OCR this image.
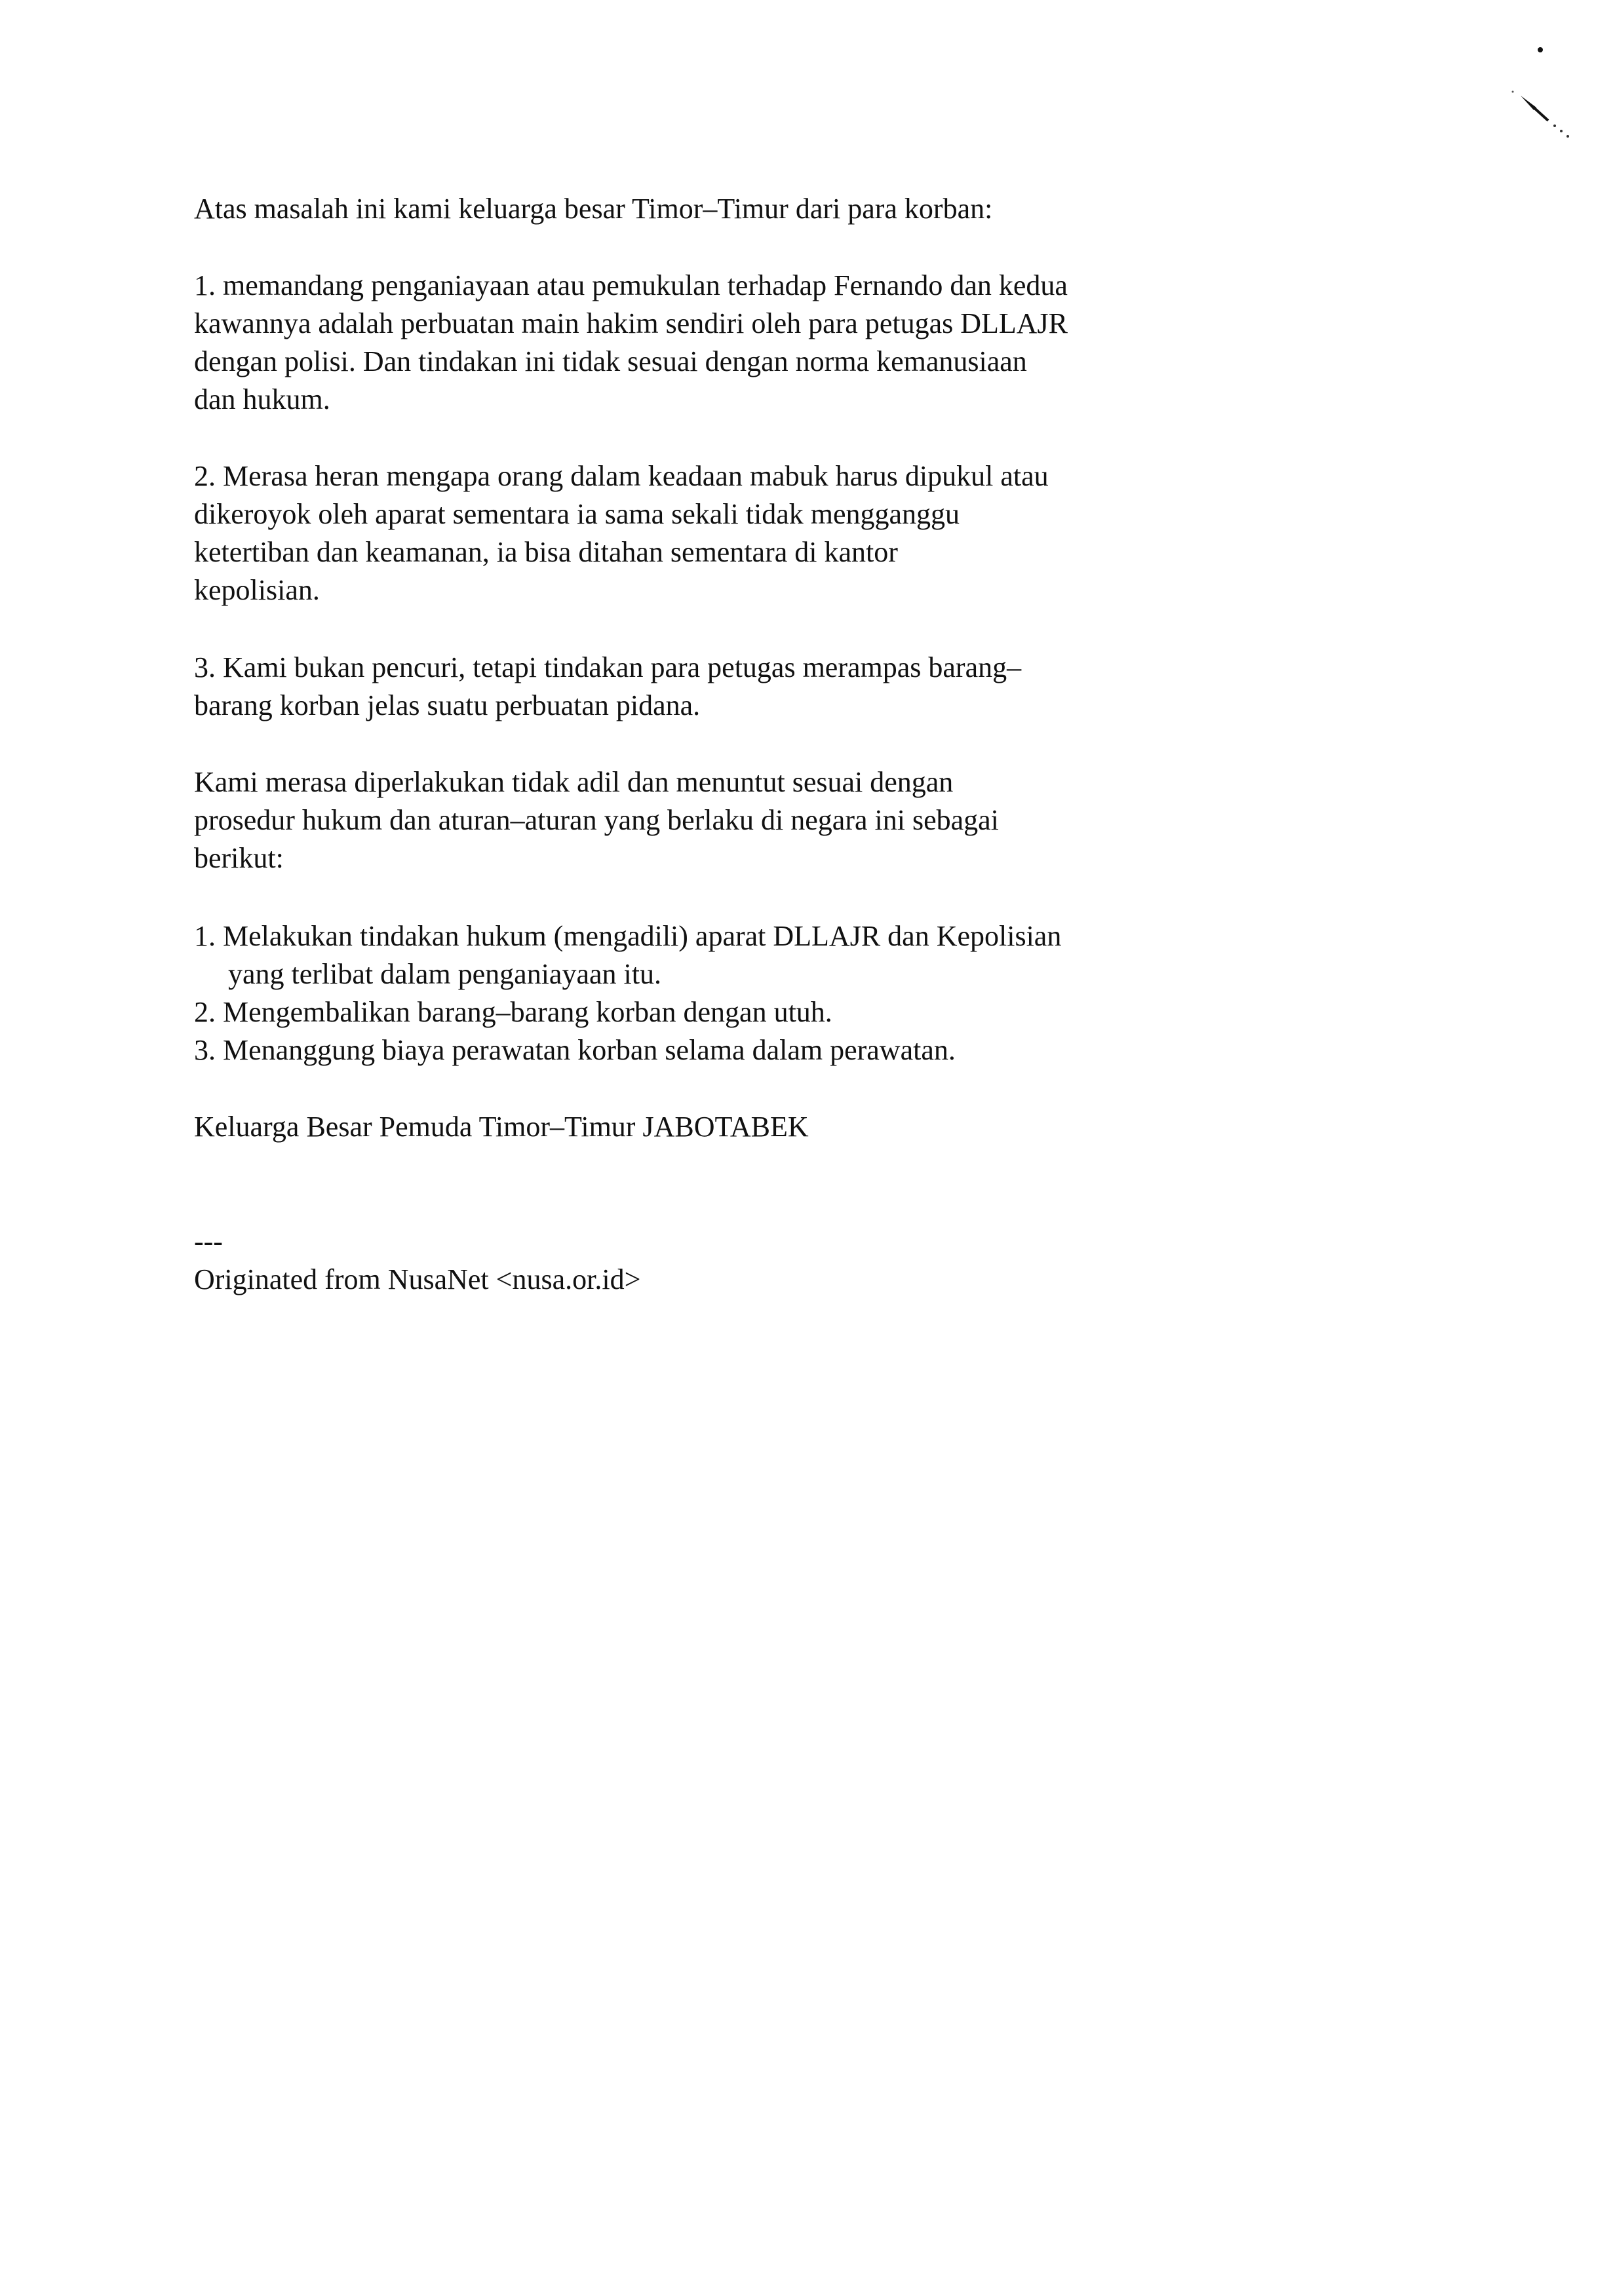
Atas masalah ini kami keluarga besar Timor–Timur dari para korban:
1. memandang penganiayaan atau pemukulan terhadap Fernando dan kedua
kawannya adalah perbuatan main hakim sendiri oleh para petugas DLLAJR
dengan polisi. Dan tindakan ini tidak sesuai dengan norma kemanusiaan
dan hukum.
2. Merasa heran mengapa orang dalam keadaan mabuk harus dipukul atau
dikeroyok oleh aparat sementara ia sama sekali tidak mengganggu
ketertiban dan keamanan, ia bisa ditahan sementara di kantor
kepolisian.
3. Kami bukan pencuri, tetapi tindakan para petugas merampas barang–
barang korban jelas suatu perbuatan pidana.
Kami merasa diperlakukan tidak adil dan menuntut sesuai dengan
prosedur hukum dan aturan–aturan yang berlaku di negara ini sebagai
berikut:
1. Melakukan tindakan hukum (mengadili) aparat DLLAJR dan Kepolisian
yang terlibat dalam penganiayaan itu.
2. Mengembalikan barang–barang korban dengan utuh.
3. Menanggung biaya perawatan korban selama dalam perawatan.
Keluarga Besar Pemuda Timor–Timur JABOTABEK
---
Originated from NusaNet <nusa.or.id>
